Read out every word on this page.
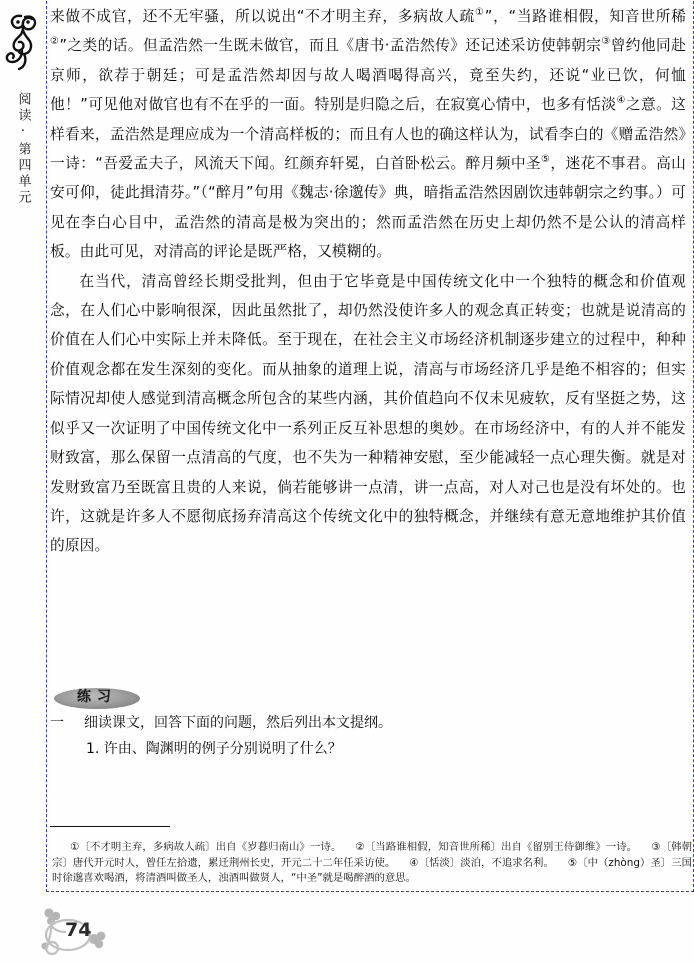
阅读·第四单元

来做不成官，还不无牢骚，所以说出“不才明主弃，多病故人疏①”，“当路谁相假，知音世所稀②”之类的话。但孟浩然一生既未做官，而且《唐书·孟浩然传》还记述采访使韩朝宗③曾约他同赴京师，欲荐于朝廷；可是孟浩然却因与故人喝酒喝得高兴，竟至失约，还说“业已饮，何恤他！”可见他对做官也有不在乎的一面。特别是归隐之后，在寂寞心情中，也多有恬淡④之意。这样看来，孟浩然是理应成为一个清高样板的；而且有人也的确这样认为，试看李白的《赠孟浩然》一诗：“吾爱孟夫子，风流天下闻。红颜弃轩冕，白首卧松云。醉月频中圣⑤，迷花不事君。高山安可仰，徒此揖清芬。”（“醉月”句用《魏志·徐邈传》典，暗指孟浩然因剧饮违韩朝宗之约事。）可见在李白心目中，孟浩然的清高是极为突出的；然而孟浩然在历史上却仍然不是公认的清高样板。由此可见，对清高的评论是既严格，又模糊的。

在当代，清高曾经长期受批判，但由于它毕竟是中国传统文化中一个独特的概念和价值观念，在人们心中影响很深，因此虽然批了，却仍然没使许多人的观念真正转变；也就是说清高的价值在人们心中实际上并未降低。至于现在，在社会主义市场经济机制逐步建立的过程中，种种价值观念都在发生深刻的变化。而从抽象的道理上说，清高与市场经济几乎是绝不相容的；但实际情况却使人感觉到清高概念所包含的某些内涵，其价值趋向不仅未见疲软，反有坚挺之势，这似乎又一次证明了中国传统文化中一系列正反互补思想的奥妙。在市场经济中，有的人并不能发财致富，那么保留一点清高的气度，也不失为一种精神安慰，至少能减轻一点心理失衡。就是对发财致富乃至既富且贵的人来说，倘若能够讲一点清，讲一点高，对人对己也是没有坏处的。也许，这就是许多人不愿彻底扬弃清高这个传统文化中的独特概念，并继续有意无意地维护其价值的原因。

练习

一 细读课文，回答下面的问题，然后列出本文提纲。

1. 许由、陶渊明的例子分别说明了什么？

①〔不才明主弃，多病故人疏〕出自《岁暮归南山》一诗。 ②〔当路谁相假，知音世所稀〕出自《留别王侍御维》一诗。 ③〔韩朝宗〕唐代开元时人，曾任左拾遗，累迁荆州长史，开元二十二年任采访使。 ④〔恬淡〕淡泊，不追求名利。 ⑤〔中（zhòng）圣〕三国时徐邈喜欢喝酒，将清酒叫做圣人，浊酒叫做贤人，“中圣”就是喝醉酒的意思。
74
